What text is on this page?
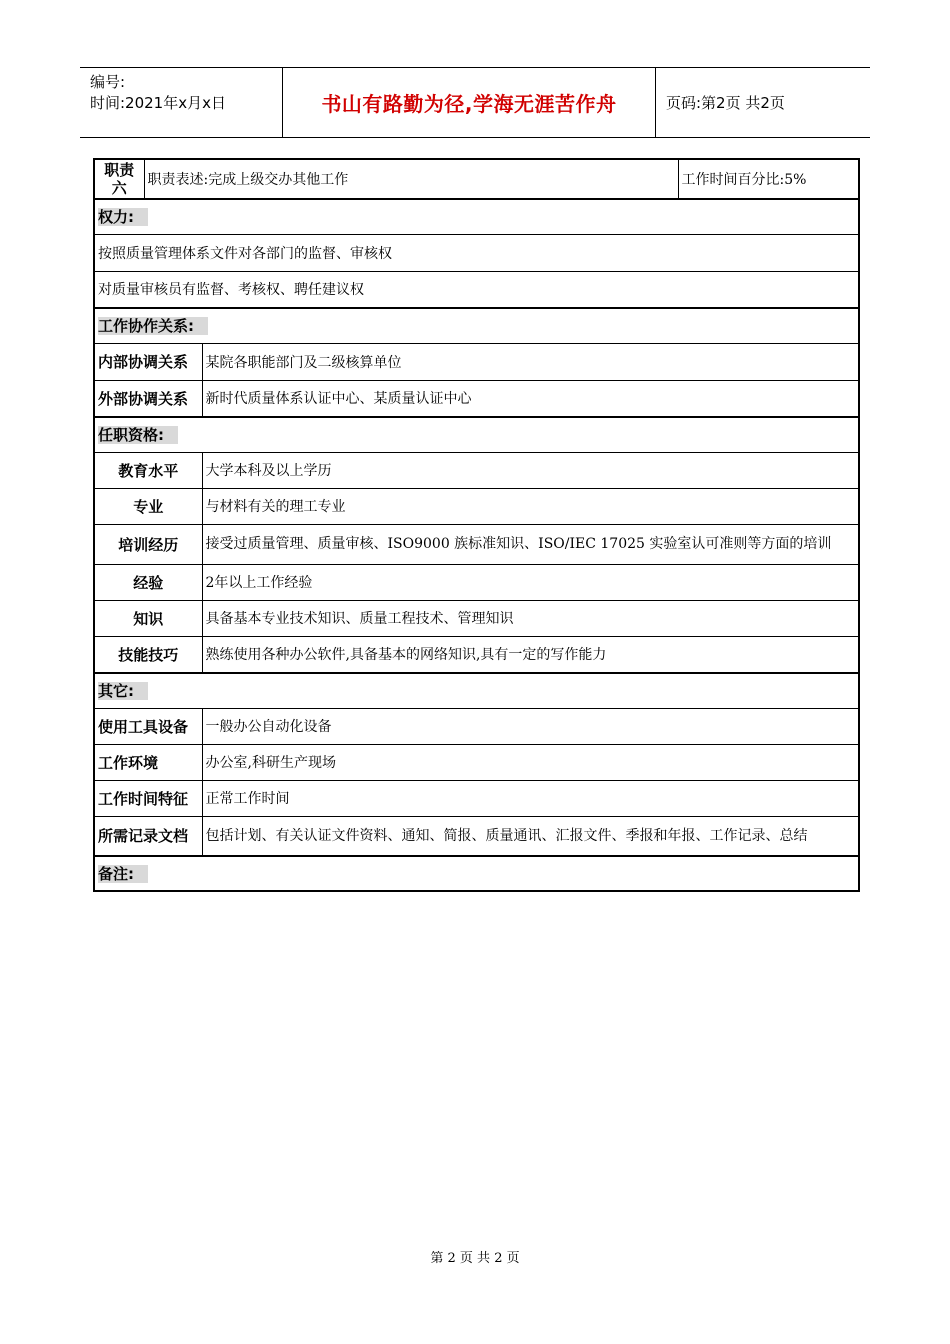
编号:
时间:2021年x月x日	书山有路勤为径,学海无涯苦作舟	页码:第2页 共2页
职责六	职责表述:完成上级交办其他工作		工作时间百分比:5%
权力:			
按照质量管理体系文件对各部门的监督、审核权			
对质量审核员有监督、考核权、聘任建议权			
工作协作关系:			
内部协调关系		某院各职能部门及二级核算单位	
外部协调关系		新时代质量体系认证中心、某质量认证中心	
任职资格:			
教育水平		大学本科及以上学历	
专业		与材料有关的理工专业	
培训经历		接受过质量管理、质量审核、ISO9000 族标准知识、ISO/IEC 17025 实验室认可准则等方面的培训	
经验		2年以上工作经验	
知识		具备基本专业技术知识、质量工程技术、管理知识	
技能技巧		熟练使用各种办公软件,具备基本的网络知识,具有一定的写作能力	
其它:			
使用工具设备		一般办公自动化设备	
工作环境		办公室,科研生产现场	
工作时间特征		正常工作时间	
所需记录文档		包括计划、有关认证文件资料、通知、简报、质量通讯、汇报文件、季报和年报、工作记录、总结	
备注:			
第 2 页 共 2 页
